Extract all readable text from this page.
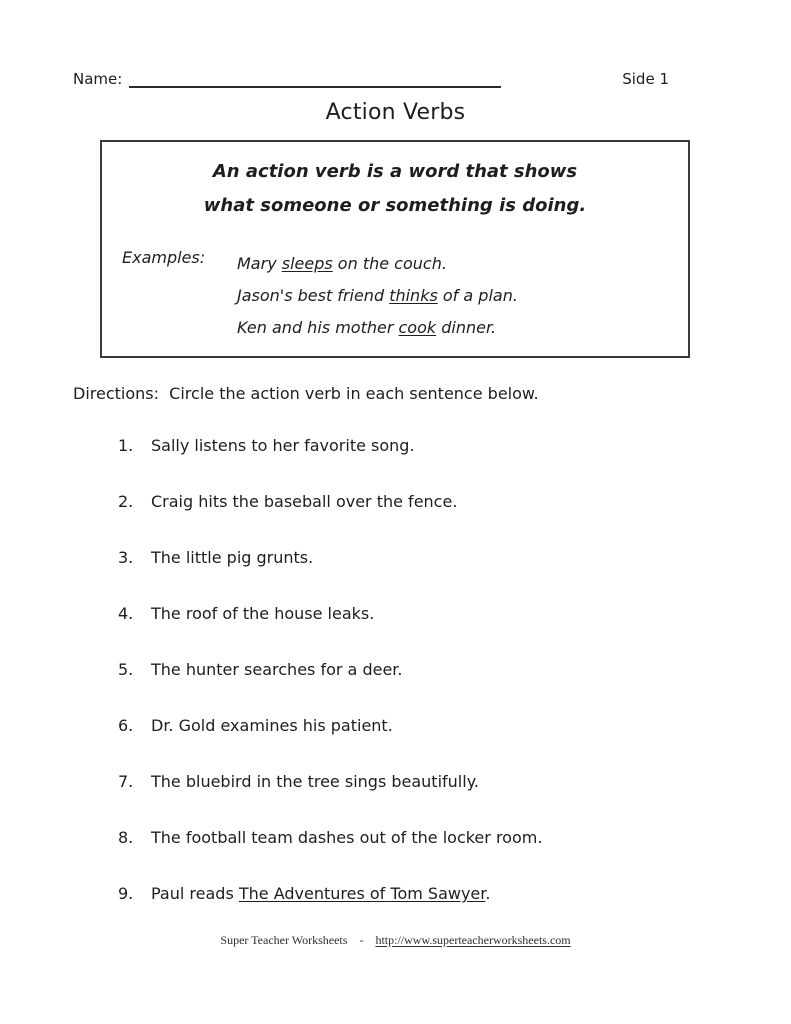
Name:	Side 1
Action Verbs
An action verb is a word that shows
what someone or something is doing.
Examples:	Mary sleeps on the couch.
Jason's best friend thinks of a plan.
Ken and his mother cook dinner.
Directions:  Circle the action verb in each sentence below.
1.	Sally listens to her favorite song.
2.	Craig hits the baseball over the fence.
3.	The little pig grunts.
4.	The roof of the house leaks.
5.	The hunter searches for a deer.
6.	Dr. Gold examines his patient.
7.	The bluebird in the tree sings beautifully.
8.	The football team dashes out of the locker room.
9.	Paul reads The Adventures of Tom Sawyer.
Super Teacher Worksheets - http://www.superteacherworksheets.com
